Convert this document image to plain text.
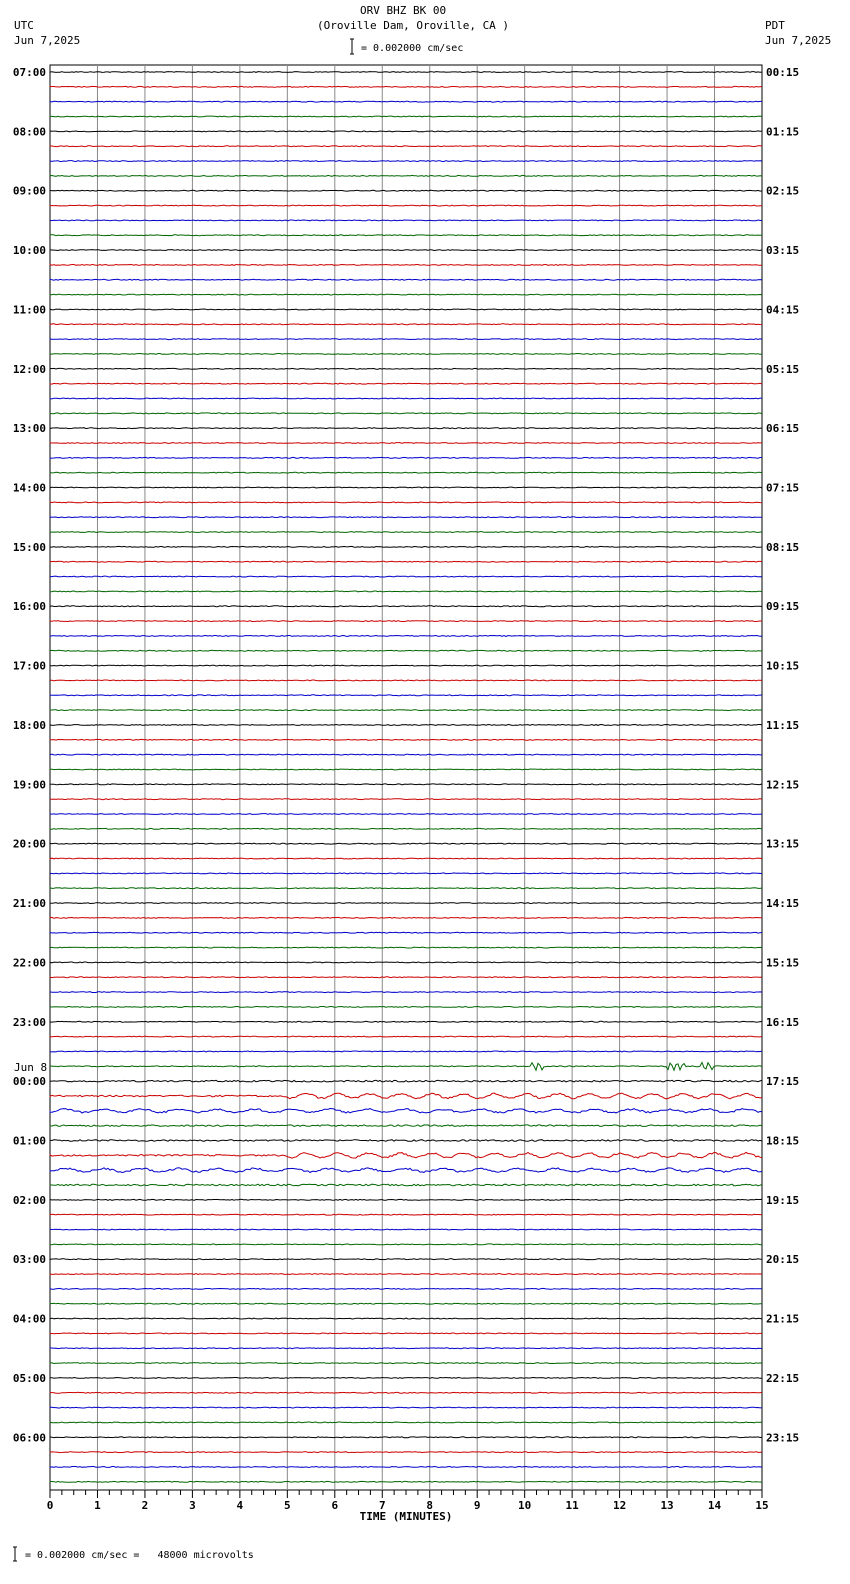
ORV BHZ BK 00
(Oroville Dam, Oroville, CA )
UTC
Jun 7,2025
PDT
Jun 7,2025
= 0.002000 cm/sec
07:00	00:15
08:00	01:15
09:00	02:15
10:00	03:15
11:00	04:15
12:00	05:15
13:00	06:15
14:00	07:15
15:00	08:15
16:00	09:15
17:00	10:15
18:00	11:15
19:00	12:15
20:00	13:15
21:00	14:15
22:00	15:15
23:00	16:15
00:00	17:15
01:00	18:15
02:00	19:15
03:00	20:15
04:00	21:15
05:00	22:15
06:00	23:15
0	1	2	3	4	5	6	7	8	9	10	11	12	13	14	15
TIME (MINUTES)
Jun 8
= 0.002000 cm/sec =   48000 microvolts
